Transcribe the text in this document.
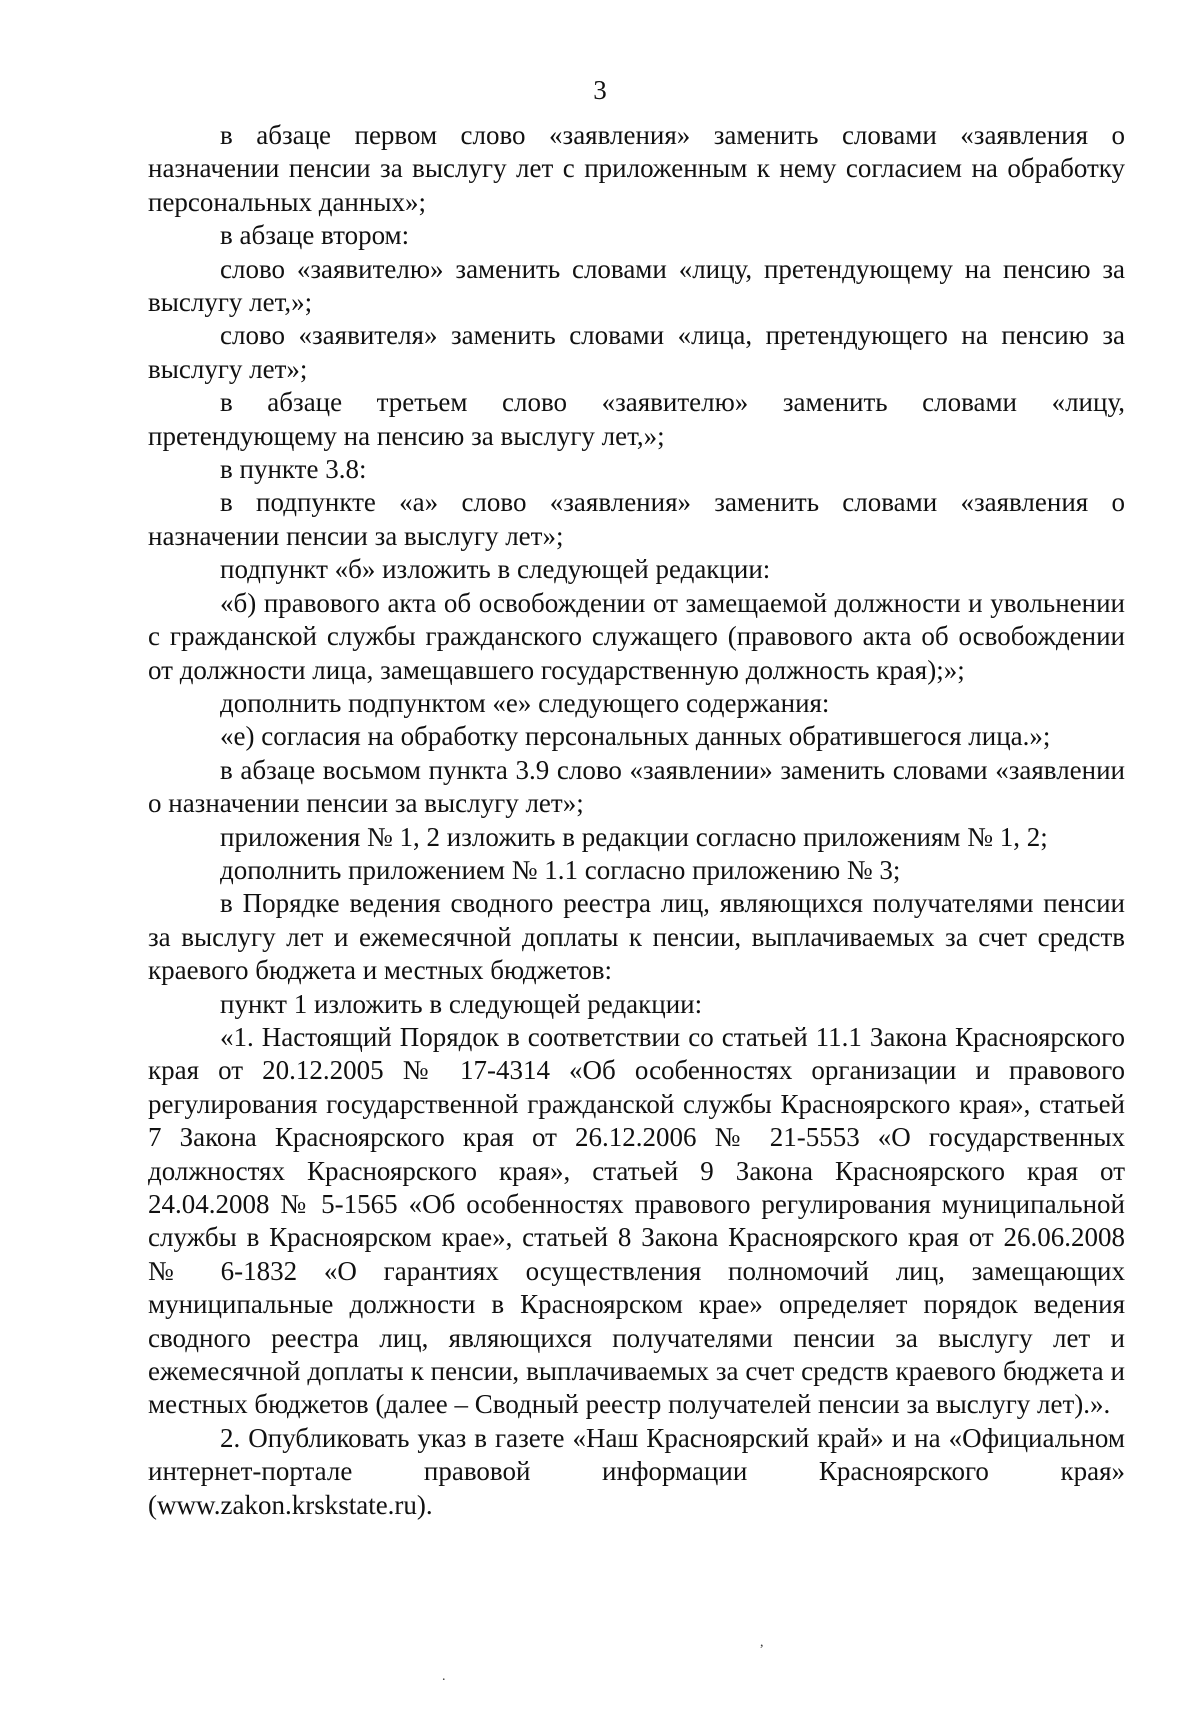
3

в абзаце первом слово «заявления» заменить словами «заявления о назначении пенсии за выслугу лет с приложенным к нему согласием на обработку персональных данных»;

в абзаце втором:

слово «заявителю» заменить словами «лицу, претендующему на пенсию за выслугу лет,»;

слово «заявителя» заменить словами «лица, претендующего на пенсию за выслугу лет»;

в абзаце третьем слово «заявителю» заменить словами «лицу, претендующему на пенсию за выслугу лет,»;

в пункте 3.8:

в подпункте «а» слово «заявления» заменить словами «заявления о назначении пенсии за выслугу лет»;

подпункт «б» изложить в следующей редакции:

«б) правового акта об освобождении от замещаемой должности и увольнении с гражданской службы гражданского служащего (правового акта об освобождении от должности лица, замещавшего государственную должность края);»;

дополнить подпунктом «е» следующего содержания:

«е) согласия на обработку персональных данных обратившегося лица.»;

в абзаце восьмом пункта 3.9 слово «заявлении» заменить словами «заявлении о назначении пенсии за выслугу лет»;

приложения № 1, 2 изложить в редакции согласно приложениям № 1, 2;

дополнить приложением № 1.1 согласно приложению № 3;

в Порядке ведения сводного реестра лиц, являющихся получателями пенсии за выслугу лет и ежемесячной доплаты к пенсии, выплачиваемых за счет средств краевого бюджета и местных бюджетов:

пункт 1 изложить в следующей редакции:

«1. Настоящий Порядок в соответствии со статьей 11.1 Закона Красноярского края от 20.12.2005 № 17-4314 «Об особенностях организации и правового регулирования государственной гражданской службы Красноярского края», статьей 7 Закона Красноярского края от 26.12.2006 № 21-5553 «О государственных должностях Красноярского края», статьей 9 Закона Красноярского края от 24.04.2008 № 5-1565 «Об особенностях правового регулирования муниципальной службы в Красноярском крае», статьей 8 Закона Красноярского края от 26.06.2008 № 6-1832 «О гарантиях осуществления полномочий лиц, замещающих муниципальные должности в Красноярском крае» определяет порядок ведения сводного реестра лиц, являющихся получателями пенсии за выслугу лет и ежемесячной доплаты к пенсии, выплачиваемых за счет средств краевого бюджета и местных бюджетов (далее – Сводный реестр получателей пенсии за выслугу лет).».

2. Опубликовать указ в газете «Наш Красноярский край» и на «Официальном интернет-портале правовой информации Красноярского края» (www.zakon.krskstate.ru).

,
.
